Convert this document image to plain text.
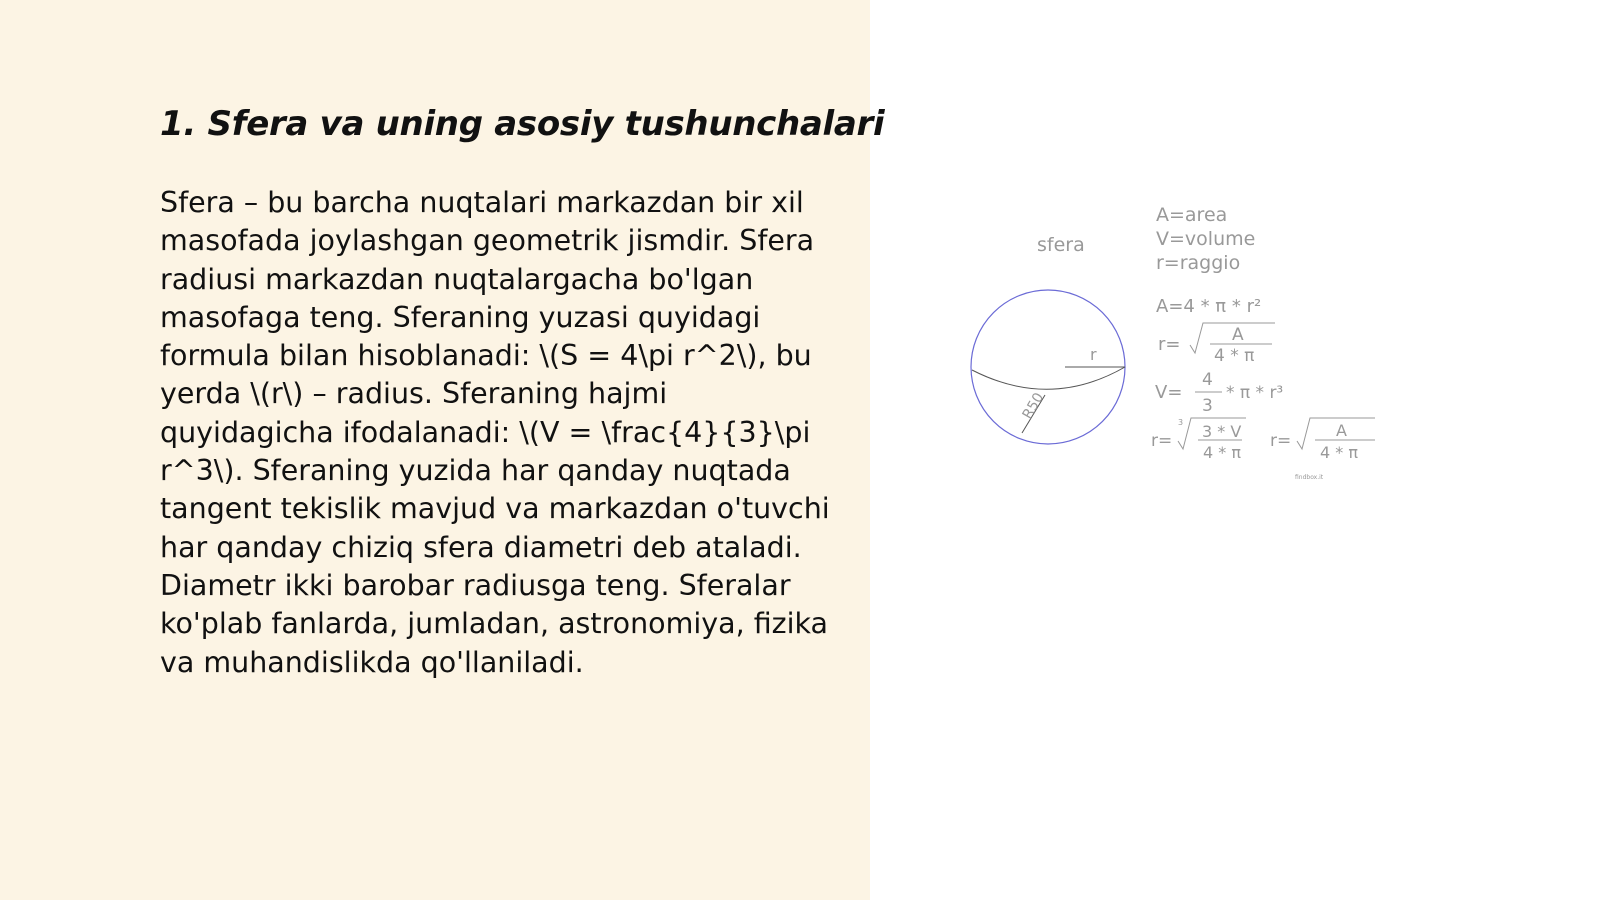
1. Sfera va uning asosiy tushunchalari

Sfera – bu barcha nuqtalari markazdan bir xil masofada joylashgan geometrik jismdir. Sfera radiusi markazdan nuqtalargacha bo'lgan masofaga teng. Sferaning yuzasi quyidagi formula bilan hisoblanadi: \(S = 4\pi r^2\), bu yerda \(r\) – radius. Sferaning hajmi quyidagicha ifodalanadi: \(V = \frac{4}{3}\pi r^3\). Sferaning yuzida har qanday nuqtada tangent tekislik mavjud va markazdan o'tuvchi har qanday chiziq sfera diametri deb ataladi. Diametr ikki barobar radiusga teng. Sferalar ko'plab fanlarda, jumladan, astronomiya, fizika va muhandislikda qo'llaniladi.

sfera
A=area
V=volume
r=raggio
r
R50
A=4 * π * r²
r=	A
4 * π
V=
4
3
* π * r³
r=
3 3 * V
4 * π
r=
A
4 * π
findbox.it
